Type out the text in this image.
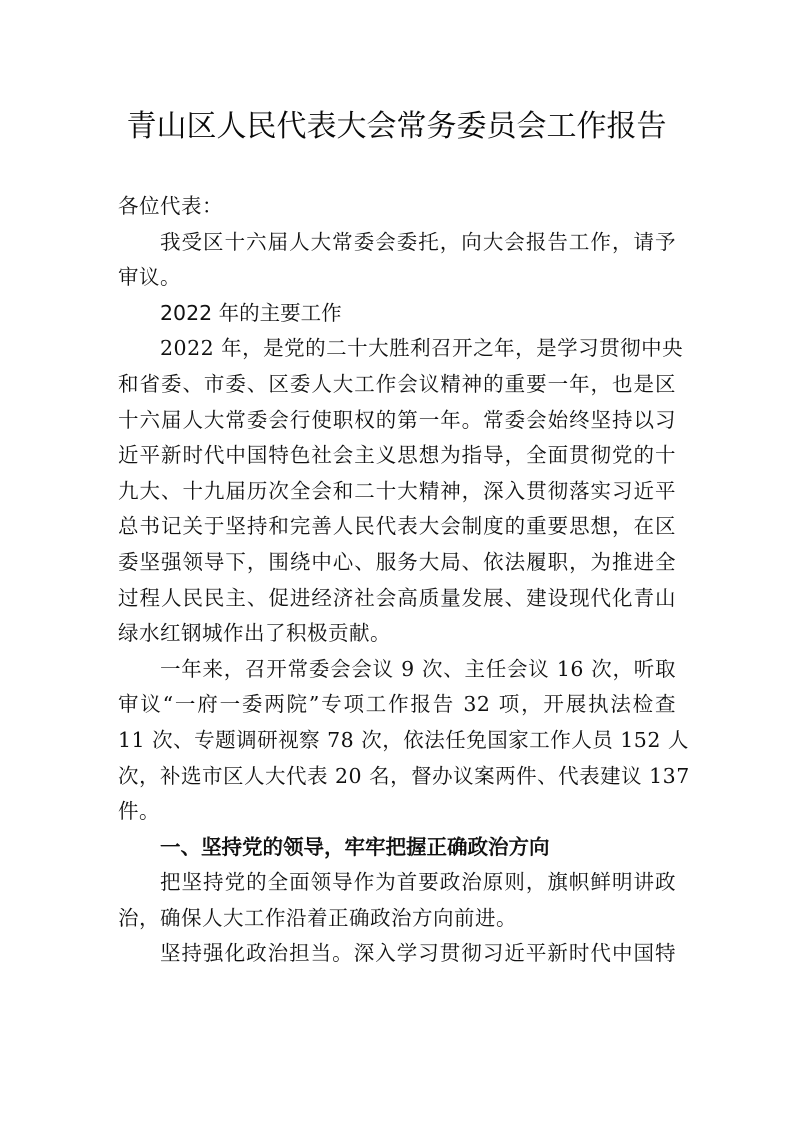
青山区人民代表大会常务委员会工作报告
各位代表：
我受区十六届人大常委会委托，向大会报告工作，请予
审议。
2022 年的主要工作
2022 年，是党的二十大胜利召开之年，是学习贯彻中央
和省委、市委、区委人大工作会议精神的重要一年，也是区
十六届人大常委会行使职权的第一年。常委会始终坚持以习
近平新时代中国特色社会主义思想为指导，全面贯彻党的十
九大、十九届历次全会和二十大精神，深入贯彻落实习近平
总书记关于坚持和完善人民代表大会制度的重要思想，在区
委坚强领导下，围绕中心、服务大局、依法履职，为推进全
过程人民民主、促进经济社会高质量发展、建设现代化青山
绿水红钢城作出了积极贡献。
一年来，召开常委会会议 9 次、主任会议 16 次，听取
审议“一府一委两院”专项工作报告 32 项，开展执法检查
11 次、专题调研视察 78 次，依法任免国家工作人员 152 人
次，补选市区人大代表 20 名，督办议案两件、代表建议 137
件。
一、坚持党的领导，牢牢把握正确政治方向
把坚持党的全面领导作为首要政治原则，旗帜鲜明讲政
治，确保人大工作沿着正确政治方向前进。
坚持强化政治担当。深入学习贯彻习近平新时代中国特
